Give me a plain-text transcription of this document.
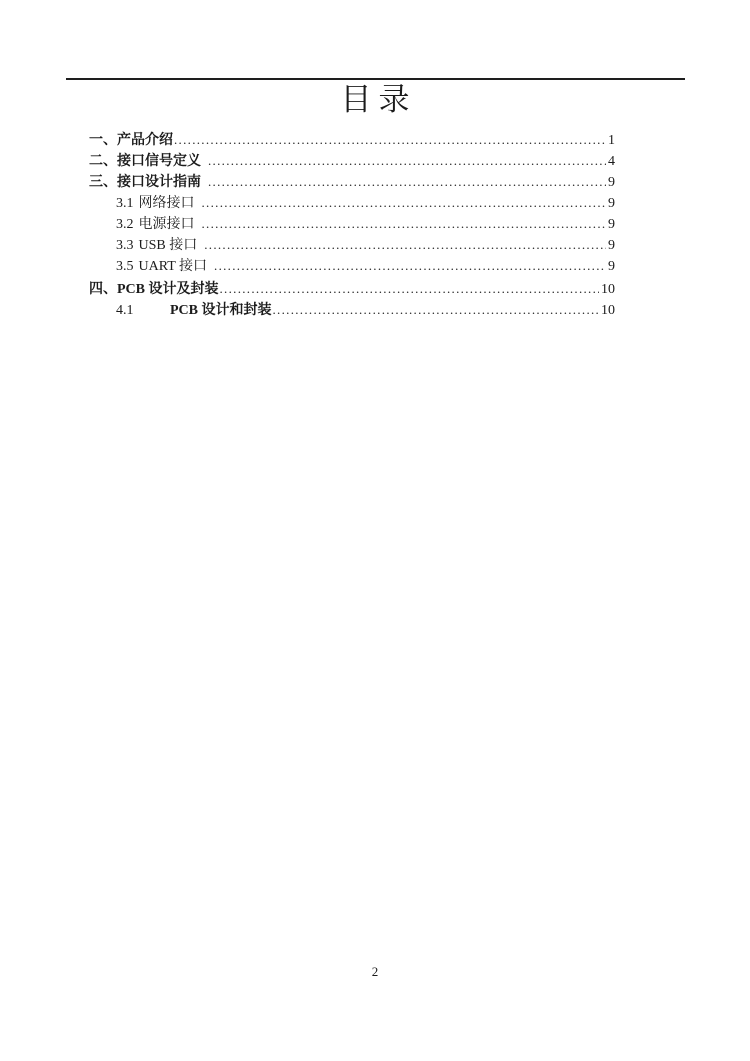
目录
一、 产品介绍 .....	1
二、 接口信号定义 .....	4
三、 接口设计指南 .....	9
3.1 网络接口 .....	9
3.2 电源接口 .....	9
3.3 USB 接口 .....	9
3.5 UART 接口 .....	9
四、 PCB 设计及封装 .....	10
4.1	PCB 设计和封装 .....	10
2
